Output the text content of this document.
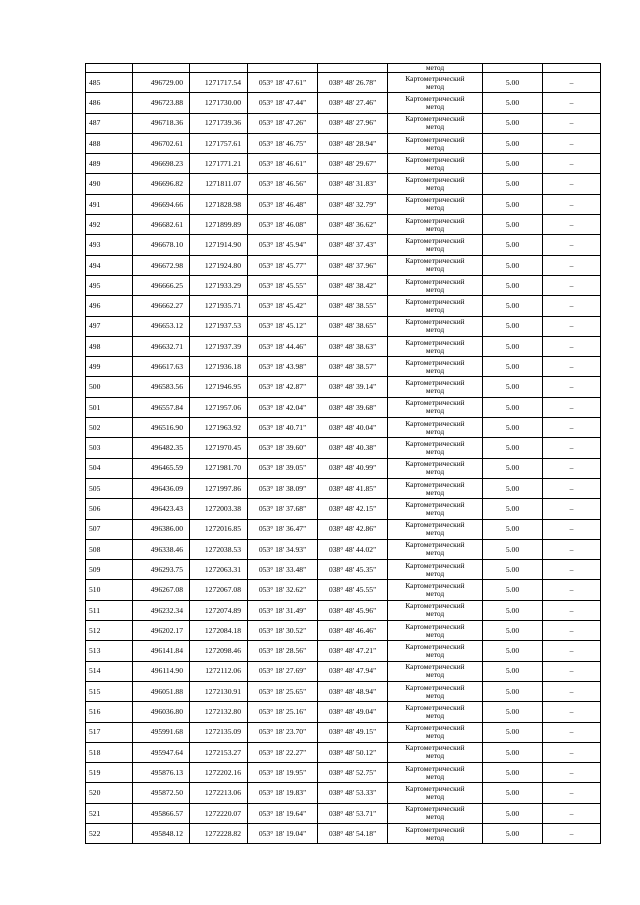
					метод		
485	496729.00	1271717.54	053° 18' 47.61"	038° 48' 26.78"	Картометрический
метод	5.00	–
486	496723.88	1271730.00	053° 18' 47.44"	038° 48' 27.46"	Картометрический
метод	5.00	–
487	496718.36	1271739.36	053° 18' 47.26"	038° 48' 27.96"	Картометрический
метод	5.00	–
488	496702.61	1271757.61	053° 18' 46.75"	038° 48' 28.94"	Картометрический
метод	5.00	–
489	496698.23	1271771.21	053° 18' 46.61"	038° 48' 29.67"	Картометрический
метод	5.00	–
490	496696.82	1271811.07	053° 18' 46.56"	038° 48' 31.83"	Картометрический
метод	5.00	–
491	496694.66	1271828.98	053° 18' 46.48"	038° 48' 32.79"	Картометрический
метод	5.00	–
492	496682.61	1271899.89	053° 18' 46.08"	038° 48' 36.62"	Картометрический
метод	5.00	–
493	496678.10	1271914.90	053° 18' 45.94"	038° 48' 37.43"	Картометрический
метод	5.00	–
494	496672.98	1271924.80	053° 18' 45.77"	038° 48' 37.96"	Картометрический
метод	5.00	–
495	496666.25	1271933.29	053° 18' 45.55"	038° 48' 38.42"	Картометрический
метод	5.00	–
496	496662.27	1271935.71	053° 18' 45.42"	038° 48' 38.55"	Картометрический
метод	5.00	–
497	496653.12	1271937.53	053° 18' 45.12"	038° 48' 38.65"	Картометрический
метод	5.00	–
498	496632.71	1271937.39	053° 18' 44.46"	038° 48' 38.63"	Картометрический
метод	5.00	–
499	496617.63	1271936.18	053° 18' 43.98"	038° 48' 38.57"	Картометрический
метод	5.00	–
500	496583.56	1271946.95	053° 18' 42.87"	038° 48' 39.14"	Картометрический
метод	5.00	–
501	496557.84	1271957.06	053° 18' 42.04"	038° 48' 39.68"	Картометрический
метод	5.00	–
502	496516.90	1271963.92	053° 18' 40.71"	038° 48' 40.04"	Картометрический
метод	5.00	–
503	496482.35	1271970.45	053° 18' 39.60"	038° 48' 40.38"	Картометрический
метод	5.00	–
504	496465.59	1271981.70	053° 18' 39.05"	038° 48' 40.99"	Картометрический
метод	5.00	–
505	496436.09	1271997.86	053° 18' 38.09"	038° 48' 41.85"	Картометрический
метод	5.00	–
506	496423.43	1272003.38	053° 18' 37.68"	038° 48' 42.15"	Картометрический
метод	5.00	–
507	496386.00	1272016.85	053° 18' 36.47"	038° 48' 42.86"	Картометрический
метод	5.00	–
508	496338.46	1272038.53	053° 18' 34.93"	038° 48' 44.02"	Картометрический
метод	5.00	–
509	496293.75	1272063.31	053° 18' 33.48"	038° 48' 45.35"	Картометрический
метод	5.00	–
510	496267.08	1272067.08	053° 18' 32.62"	038° 48' 45.55"	Картометрический
метод	5.00	–
511	496232.34	1272074.89	053° 18' 31.49"	038° 48' 45.96"	Картометрический
метод	5.00	–
512	496202.17	1272084.18	053° 18' 30.52"	038° 48' 46.46"	Картометрический
метод	5.00	–
513	496141.84	1272098.46	053° 18' 28.56"	038° 48' 47.21"	Картометрический
метод	5.00	–
514	496114.90	1272112.06	053° 18' 27.69"	038° 48' 47.94"	Картометрический
метод	5.00	–
515	496051.88	1272130.91	053° 18' 25.65"	038° 48' 48.94"	Картометрический
метод	5.00	–
516	496036.80	1272132.80	053° 18' 25.16"	038° 48' 49.04"	Картометрический
метод	5.00	–
517	495991.68	1272135.09	053° 18' 23.70"	038° 48' 49.15"	Картометрический
метод	5.00	–
518	495947.64	1272153.27	053° 18' 22.27"	038° 48' 50.12"	Картометрический
метод	5.00	–
519	495876.13	1272202.16	053° 18' 19.95"	038° 48' 52.75"	Картометрический
метод	5.00	–
520	495872.50	1272213.06	053° 18' 19.83"	038° 48' 53.33"	Картометрический
метод	5.00	–
521	495866.57	1272220.07	053° 18' 19.64"	038° 48' 53.71"	Картометрический
метод	5.00	–
522	495848.12	1272228.82	053° 18' 19.04"	038° 48' 54.18"	Картометрический
метод	5.00	–
